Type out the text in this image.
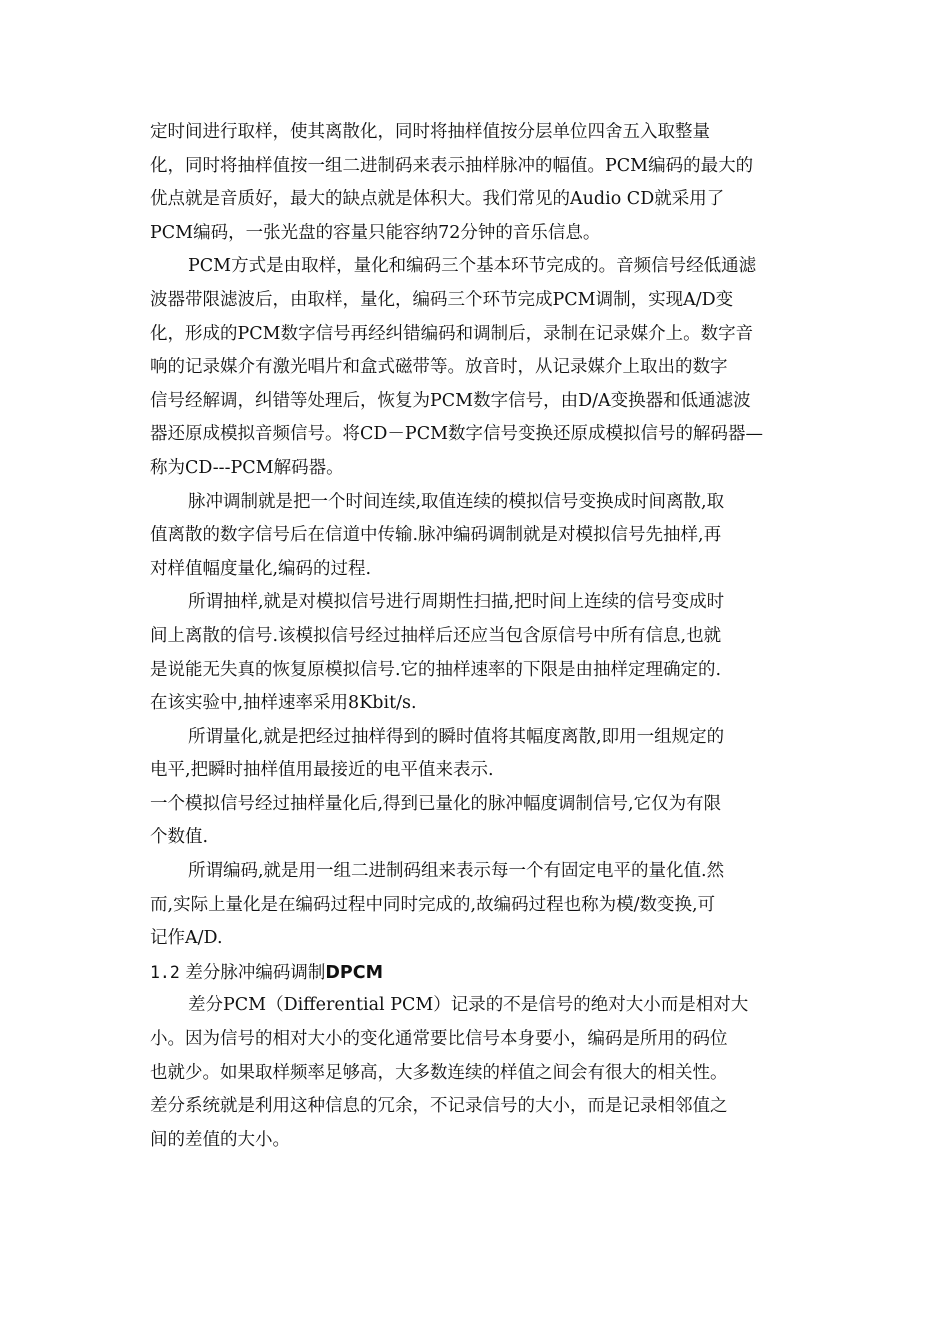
定时间进行取样，使其离散化，同时将抽样值按分层单位四舍五入取整量
化，同时将抽样值按一组二进制码来表示抽样脉冲的幅值。PCM编码的最大的
优点就是音质好，最大的缺点就是体积大。我们常见的Audio CD就采用了
PCM编码，一张光盘的容量只能容纳72分钟的音乐信息。
PCM方式是由取样，量化和编码三个基本环节完成的。音频信号经低通滤
波器带限滤波后，由取样，量化，编码三个环节完成PCM调制，实现A/D变
化，形成的PCM数字信号再经纠错编码和调制后，录制在记录媒介上。数字音
响的记录媒介有激光唱片和盒式磁带等。放音时，从记录媒介上取出的数字
信号经解调，纠错等处理后，恢复为PCM数字信号，由D/A变换器和低通滤波
器还原成模拟音频信号。将CD－PCM数字信号变换还原成模拟信号的解码器—
称为CD---PCM解码器。
脉冲调制就是把一个时间连续,取值连续的模拟信号变换成时间离散,取
值离散的数字信号后在信道中传输.脉冲编码调制就是对模拟信号先抽样,再
对样值幅度量化,编码的过程.
所谓抽样,就是对模拟信号进行周期性扫描,把时间上连续的信号变成时
间上离散的信号.该模拟信号经过抽样后还应当包含原信号中所有信息,也就
是说能无失真的恢复原模拟信号.它的抽样速率的下限是由抽样定理确定的.
在该实验中,抽样速率采用8Kbit/s.
所谓量化,就是把经过抽样得到的瞬时值将其幅度离散,即用一组规定的
电平,把瞬时抽样值用最接近的电平值来表示.
一个模拟信号经过抽样量化后,得到已量化的脉冲幅度调制信号,它仅为有限
个数值.
所谓编码,就是用一组二进制码组来表示每一个有固定电平的量化值.然
而,实际上量化是在编码过程中同时完成的,故编码过程也称为模/数变换,可
记作A/D.
1.2 差分脉冲编码调制DPCM
差分PCM（Differential PCM）记录的不是信号的绝对大小而是相对大
小。因为信号的相对大小的变化通常要比信号本身要小，编码是所用的码位
也就少。如果取样频率足够高，大多数连续的样值之间会有很大的相关性。
差分系统就是利用这种信息的冗余，不记录信号的大小，而是记录相邻值之
间的差值的大小。
